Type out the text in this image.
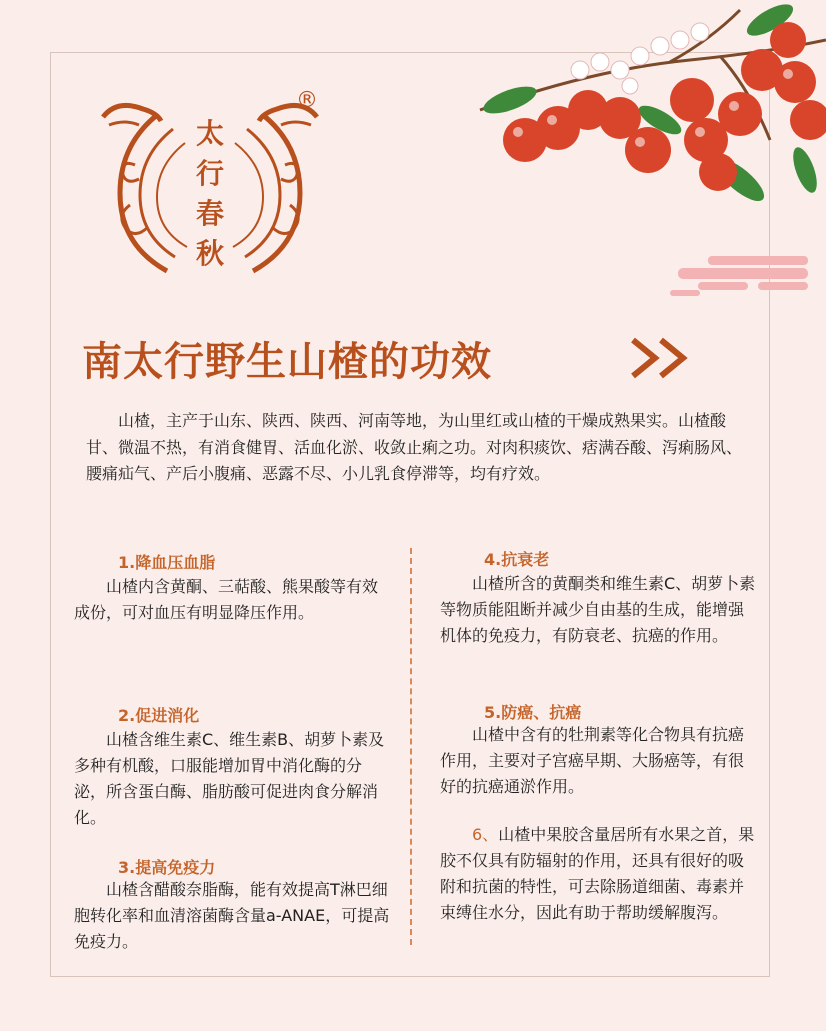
太
行
春
秋
®
南太行野生山楂的功效

山楂，主产于山东、陕西、陕西、河南等地，为山里红或山楂的干燥成熟果实。山楂酸甘、微温不热，有消食健胃、活血化淤、收敛止痢之功。对肉积痰饮、痞满吞酸、泻痢肠风、腰痛疝气、产后小腹痛、恶露不尽、小儿乳食停滞等，均有疗效。

1.降血压血脂

山楂内含黄酮、三萜酸、熊果酸等有效成份，可对血压有明显降压作用。

2.促进消化

山楂含维生素C、维生素B、胡萝卜素及多种有机酸，口服能增加胃中消化酶的分泌，所含蛋白酶、脂肪酸可促进肉食分解消化。

3.提高免疫力

山楂含醋酸奈脂酶，能有效提高T淋巴细胞转化率和血清溶菌酶含量a-ANAE，可提高免疫力。

4.抗衰老

山楂所含的黄酮类和维生素C、胡萝卜素等物质能阻断并减少自由基的生成，能增强机体的免疫力，有防衰老、抗癌的作用。

5.防癌、抗癌

山楂中含有的牡荆素等化合物具有抗癌作用，主要对子宫癌早期、大肠癌等，有很好的抗癌通淤作用。

6、山楂中果胶含量居所有水果之首，果胶不仅具有防辐射的作用，还具有很好的吸附和抗菌的特性，可去除肠道细菌、毒素并束缚住水分，因此有助于帮助缓解腹泻。
